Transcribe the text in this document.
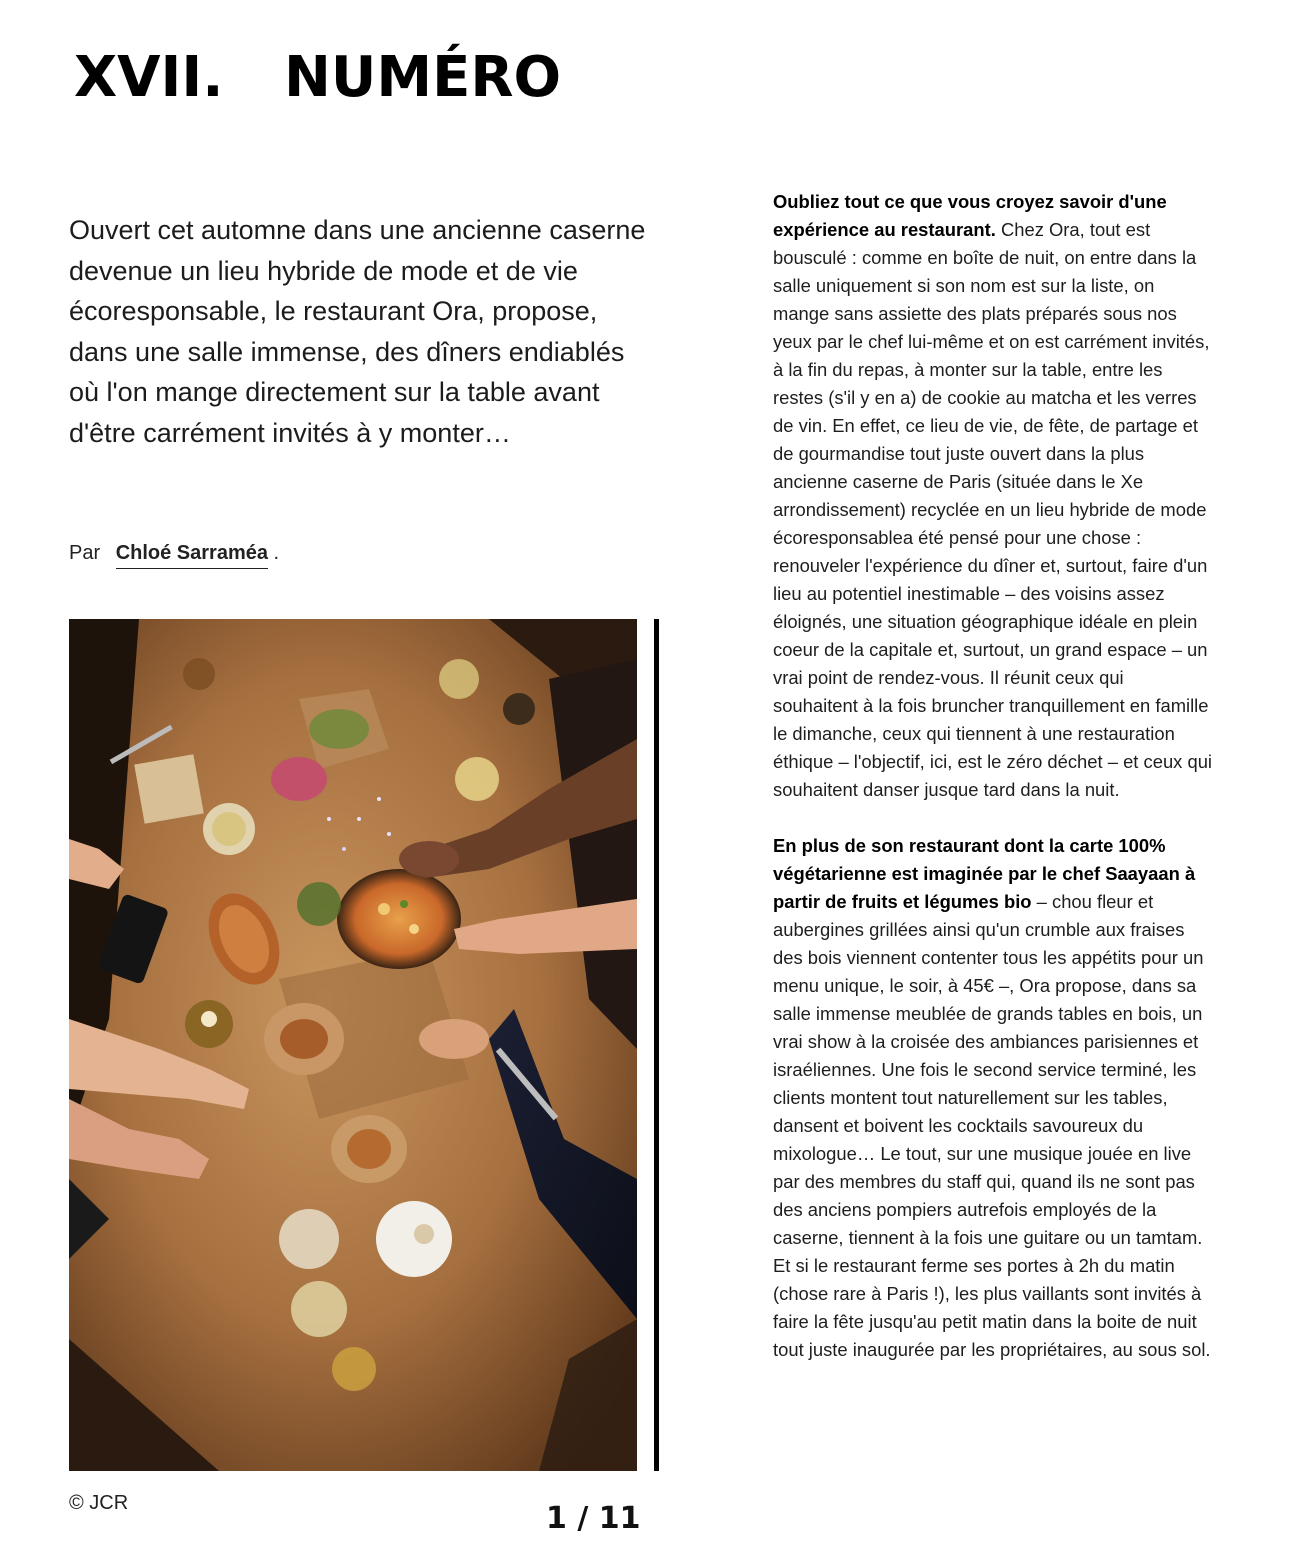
XVII.	NUMÉRO

Ouvert cet automne dans une ancienne caserne devenue un lieu hybride de mode et de vie écoresponsable, le restaurant Ora, propose, dans une salle immense, des dîners endiablés où l'on mange directement sur la table avant d'être carrément invités à y monter…

Par Chloé Sarraméa .
© JCR	1 / 11

Oubliez tout ce que vous croyez savoir d'une expérience au restaurant. Chez Ora, tout est bousculé : comme en boîte de nuit, on entre dans la salle uniquement si son nom est sur la liste, on mange sans assiette des plats préparés sous nos yeux par le chef lui-même et on est carrément invités, à la fin du repas, à monter sur la table, entre les restes (s'il y en a) de cookie au matcha et les verres de vin. En effet, ce lieu de vie, de fête, de partage et de gourmandise tout juste ouvert dans la plus ancienne caserne de Paris (située dans le Xe arrondissement) recyclée en un lieu hybride de mode écoresponsablea été pensé pour une chose : renouveler l'expérience du dîner et, surtout, faire d'un lieu au potentiel inestimable – des voisins assez éloignés, une situation géographique idéale en plein coeur de la capitale et, surtout, un grand espace – un vrai point de rendez-vous. Il réunit ceux qui souhaitent à la fois bruncher tranquillement en famille le dimanche, ceux qui tiennent à une restauration éthique – l'objectif, ici, est le zéro déchet – et ceux qui souhaitent danser jusque tard dans la nuit.

En plus de son restaurant dont la carte 100% végétarienne est imaginée par le chef Saayaan à partir de fruits et légumes bio – chou fleur et aubergines grillées ainsi qu'un crumble aux fraises des bois viennent contenter tous les appétits pour un menu unique, le soir, à 45€ –, Ora propose, dans sa salle immense meublée de grands tables en bois, un vrai show à la croisée des ambiances parisiennes et israéliennes. Une fois le second service terminé, les clients montent tout naturellement sur les tables, dansent et boivent les cocktails savoureux du mixologue… Le tout, sur une musique jouée en live par des membres du staff qui, quand ils ne sont pas des anciens pompiers autrefois employés de la caserne, tiennent à la fois une guitare ou un tamtam. Et si le restaurant ferme ses portes à 2h du matin (chose rare à Paris !), les plus vaillants sont invités à faire la fête jusqu'au petit matin dans la boite de nuit tout juste inaugurée par les propriétaires, au sous sol.
